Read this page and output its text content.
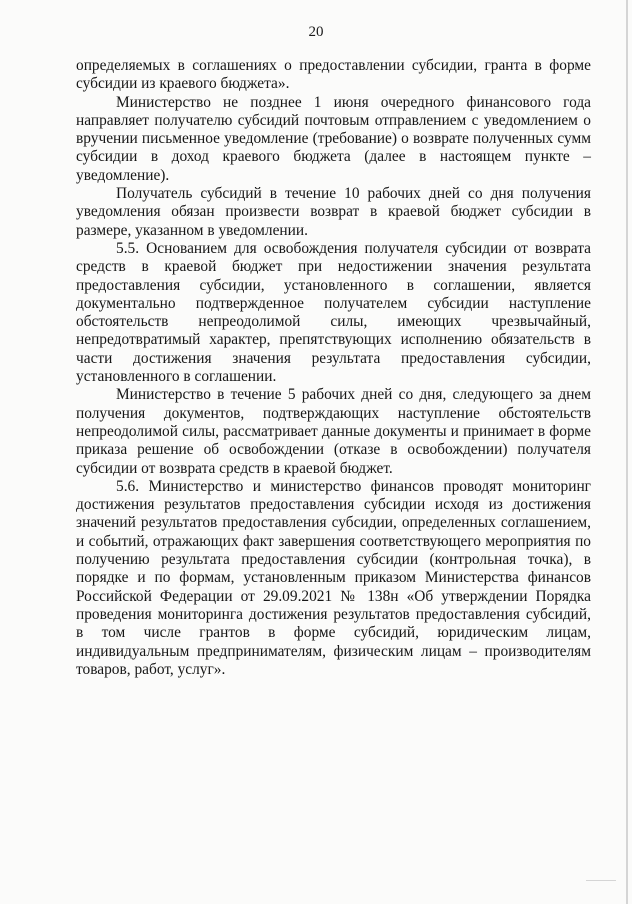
20

определяемых в соглашениях о предоставлении субсидии, гранта в форме субсидии из краевого бюджета».

Министерство не позднее 1 июня очередного финансового года направляет получателю субсидий почтовым отправлением с уведомлением о вручении письменное уведомление (требование) о возврате полученных сумм субсидии в доход краевого бюджета (далее в настоящем пункте – уведомление).

Получатель субсидий в течение 10 рабочих дней со дня получения уведомления обязан произвести возврат в краевой бюджет субсидии в размере, указанном в уведомлении.

5.5. Основанием для освобождения получателя субсидии от возврата средств в краевой бюджет при недостижении значения результата предоставления субсидии, установленного в соглашении, является документально подтвержденное получателем субсидии наступление обстоятельств непреодолимой силы, имеющих чрезвычайный, непредотвратимый характер, препятствующих исполнению обязательств в части достижения значения результата предоставления субсидии, установленного в соглашении.

Министерство в течение 5 рабочих дней со дня, следующего за днем получения документов, подтверждающих наступление обстоятельств непреодолимой силы, рассматривает данные документы и принимает в форме приказа решение об освобождении (отказе в освобождении) получателя субсидии от возврата средств в краевой бюджет.

5.6. Министерство и министерство финансов проводят мониторинг достижения результатов предоставления субсидии исходя из достижения значений результатов предоставления субсидии, определенных соглашением, и событий, отражающих факт завершения соответствующего мероприятия по получению результата предоставления субсидии (контрольная точка), в порядке и по формам, установленным приказом Министерства финансов Российской Федерации от 29.09.2021 № 138н «Об утверждении Порядка проведения мониторинга достижения результатов предоставления субсидий, в том числе грантов в форме субсидий, юридическим лицам, индивидуальным предпринимателям, физическим лицам – производителям товаров, работ, услуг».
